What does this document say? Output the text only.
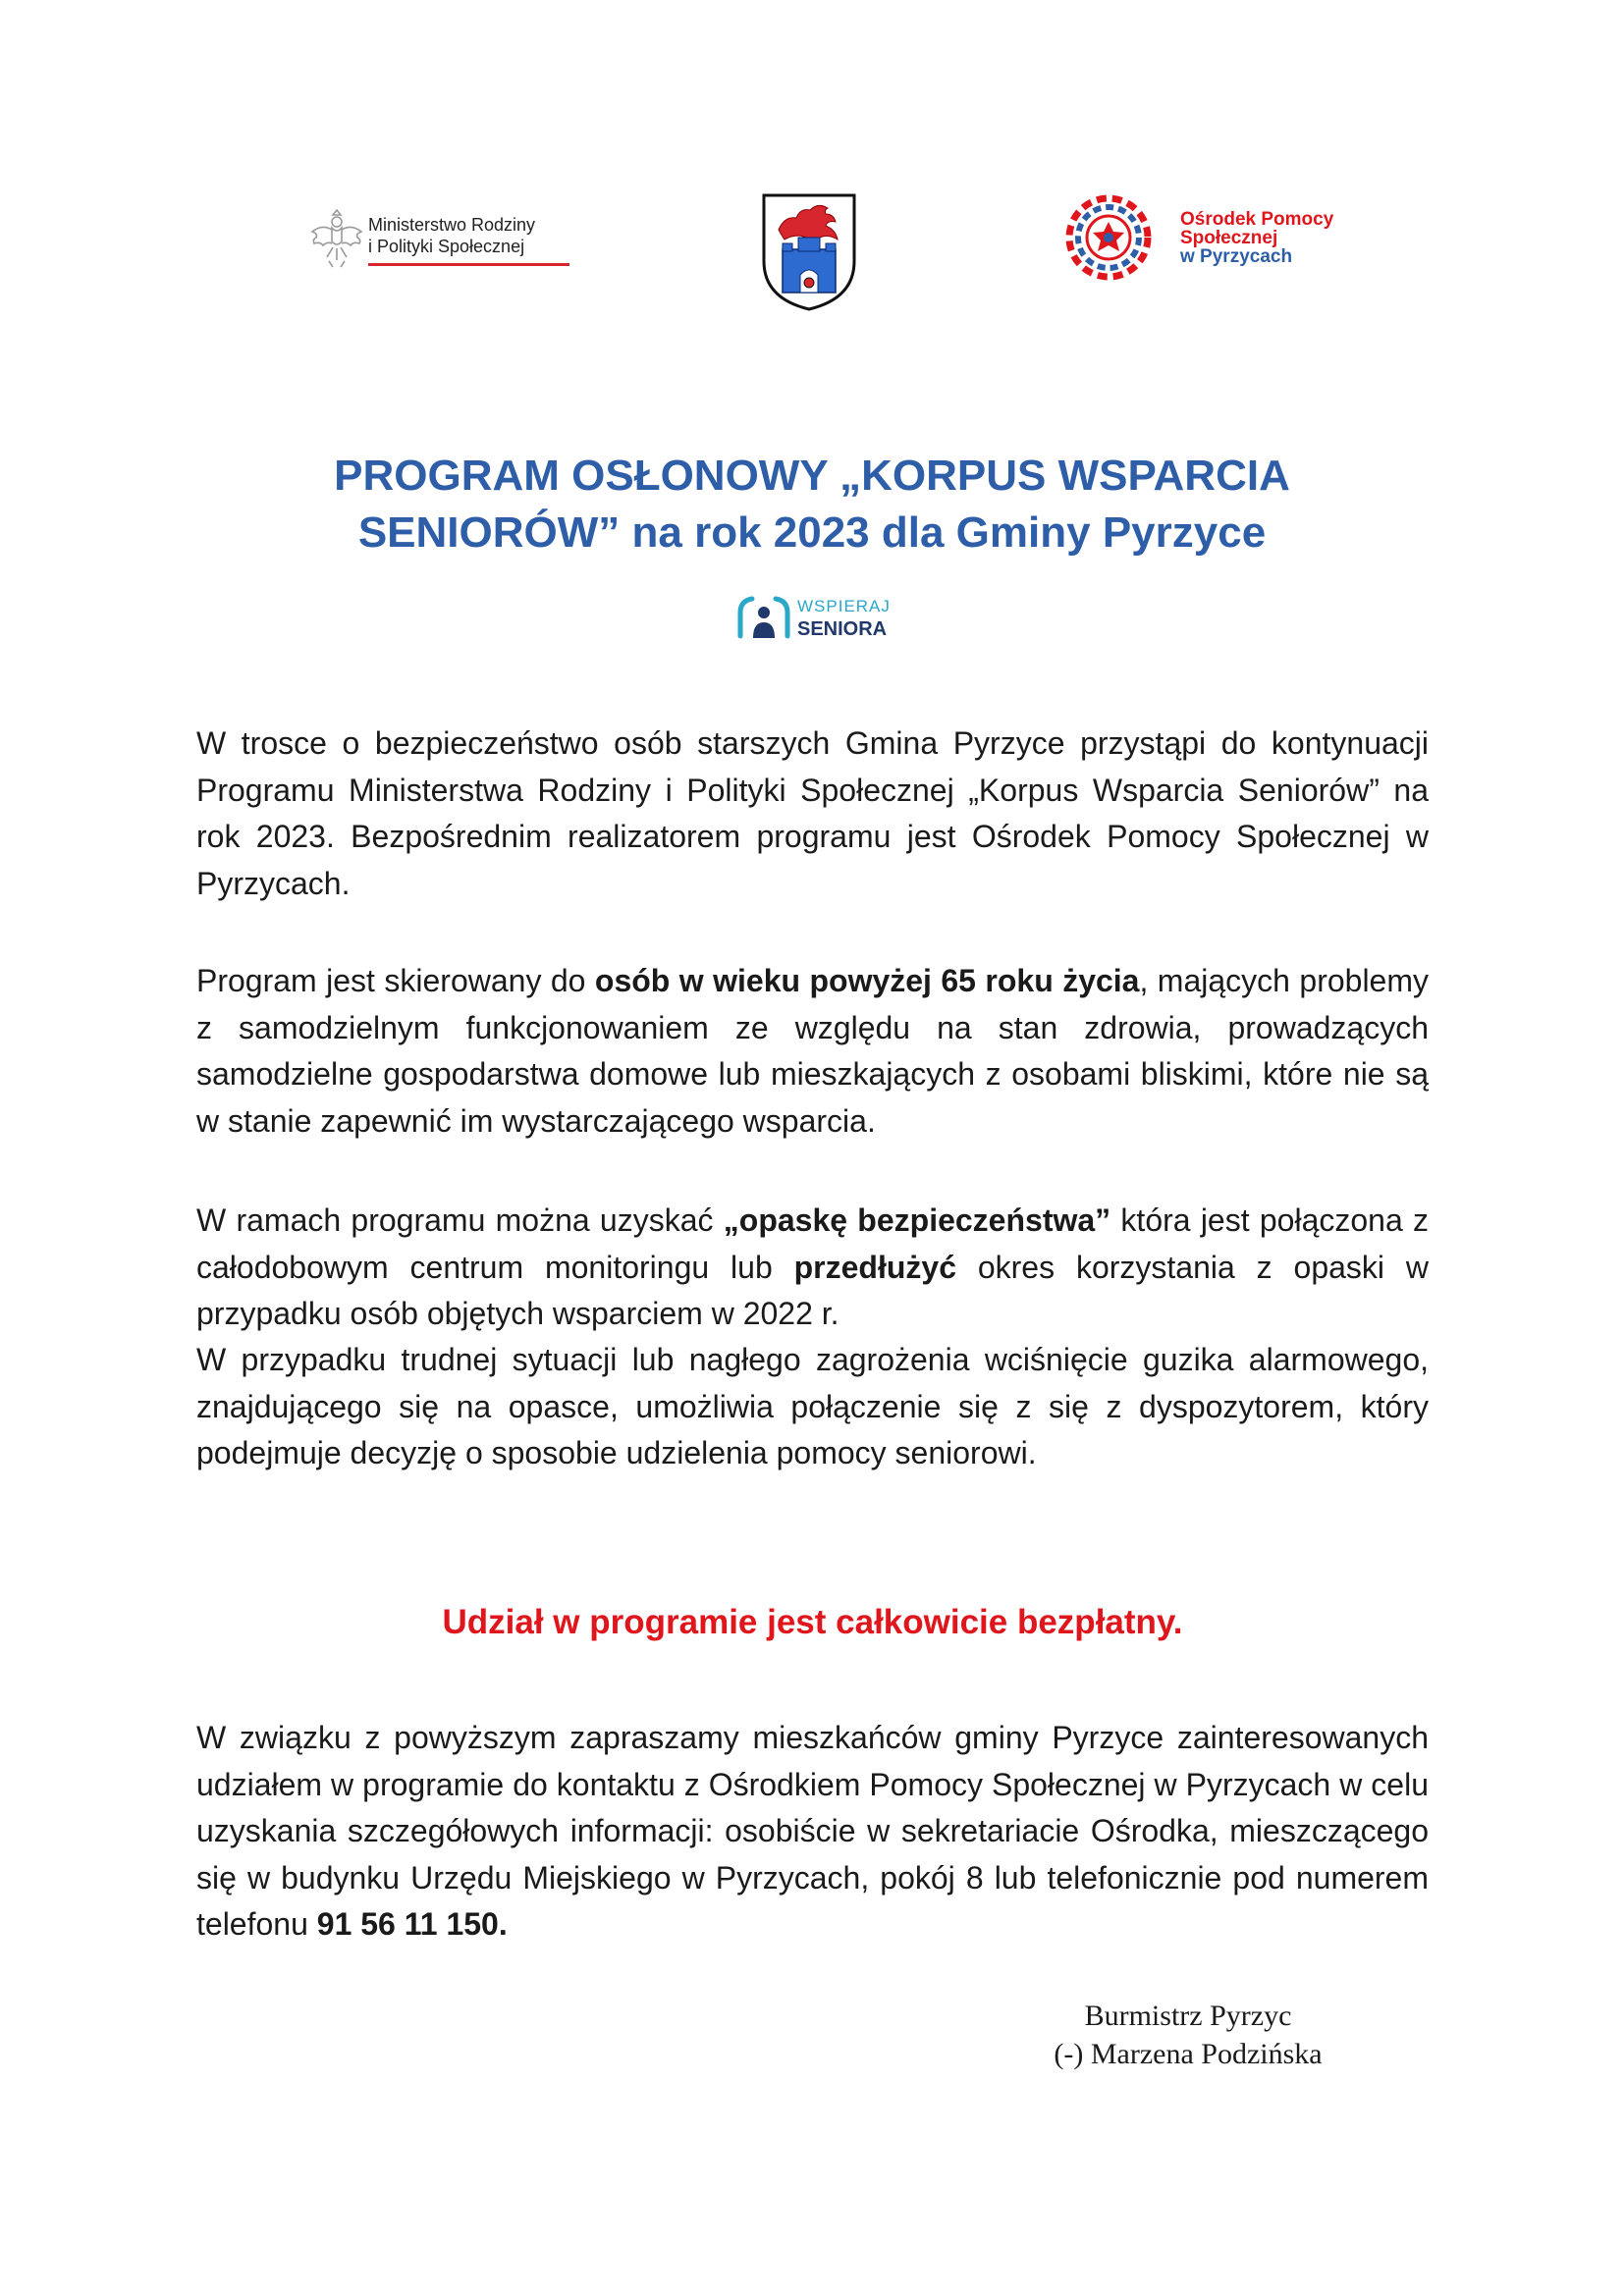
Ministerstwo Rodziny
i Polityki Społecznej
Ośrodek Pomocy
Społecznej
w Pyrzycach
PROGRAM OSŁONOWY „KORPUS WSPARCIA
SENIORÓW” na rok 2023 dla Gminy Pyrzyce
WSPIERAJ
SENIORA

W trosce o bezpieczeństwo osób starszych Gmina Pyrzyce przystąpi do kontynuacji Programu Ministerstwa Rodziny i Polityki Społecznej „Korpus Wsparcia Seniorów” na rok 2023. Bezpośrednim realizatorem programu jest Ośrodek Pomocy Społecznej w Pyrzycach.

Program jest skierowany do osób w wieku powyżej 65 roku życia, mających problemy z samodzielnym funkcjonowaniem ze względu na stan zdrowia, prowadzących samodzielne gospodarstwa domowe lub mieszkających z osobami bliskimi, które nie są w stanie zapewnić im wystarczającego wsparcia.

W ramach programu można uzyskać „opaskę bezpieczeństwa” która jest połączona z całodobowym centrum monitoringu lub przedłużyć okres korzystania z opaski w przypadku osób objętych wsparciem w 2022 r.

W przypadku trudnej sytuacji lub nagłego zagrożenia wciśnięcie guzika alarmowego, znajdującego się na opasce, umożliwia połączenie się z się z dyspozytorem, który podejmuje decyzję o sposobie udzielenia pomocy seniorowi.

Udział w programie jest całkowicie bezpłatny.

W związku z powyższym zapraszamy mieszkańców gminy Pyrzyce zainteresowanych udziałem w programie do kontaktu z Ośrodkiem Pomocy Społecznej w Pyrzycach w celu uzyskania szczegółowych informacji: osobiście w sekretariacie Ośrodka, mieszczącego się w budynku Urzędu Miejskiego w Pyrzycach, pokój 8 lub telefonicznie pod numerem telefonu 91 56 11 150.

Burmistrz Pyrzyc
(-) Marzena Podzińska
